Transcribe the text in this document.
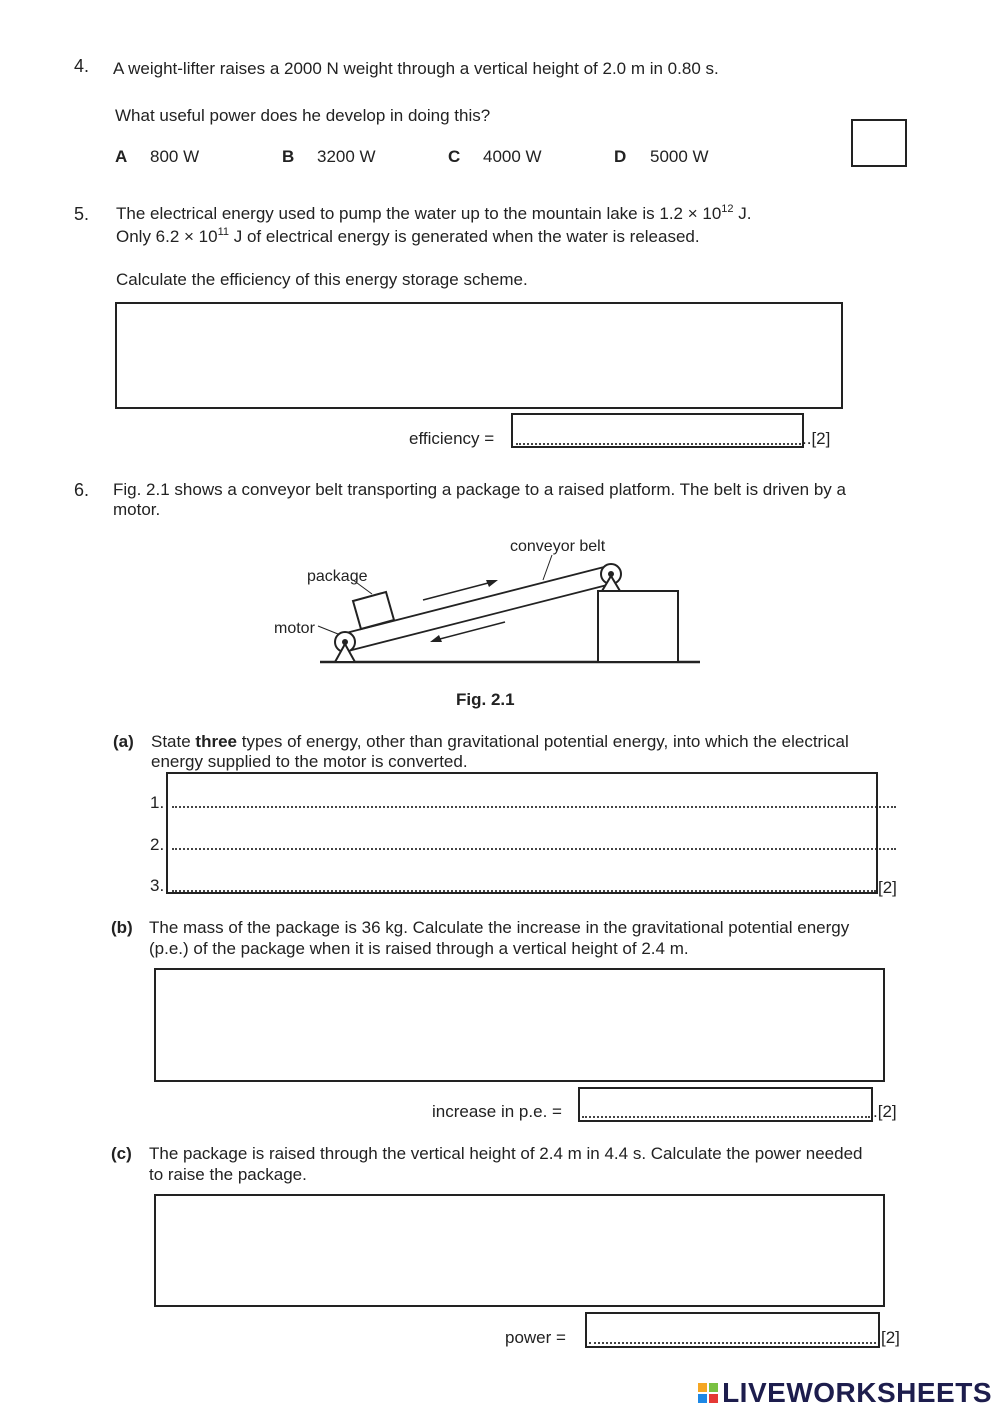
4. A weight-lifter raises a 2000 N weight through a vertical height of 2.0 m in 0.80 s.
What useful power does he develop in doing this?
A 800 W	B 3200 W	C 4000 W	D 5000 W
5. The electrical energy used to pump the water up to the mountain lake is $1.2 \times 10^{12}$ J.
Only $6.2 \times 10^{11}$ J of electrical energy is generated when the water is released.
Calculate the efficiency of this energy storage scheme.
efficiency =	..[2]
6. Fig. 2.1 shows a conveyor belt transporting a package to a raised platform. The belt is driven by a
motor.
conveyor belt
package
motor
Fig. 2.1
(a) State three types of energy, other than gravitational potential energy, into which the electrical
energy supplied to the motor is converted.
1.
2.
3.	[2]
(b) The mass of the package is 36 kg. Calculate the increase in the gravitational potential energy
(p.e.) of the package when it is raised through a vertical height of 2.4 m.
increase in p.e. =	.[2]
(c) The package is raised through the vertical height of 2.4 m in 4.4 s. Calculate the power needed
to raise the package.
power =	[2]
LIVEWORKSHEETS
